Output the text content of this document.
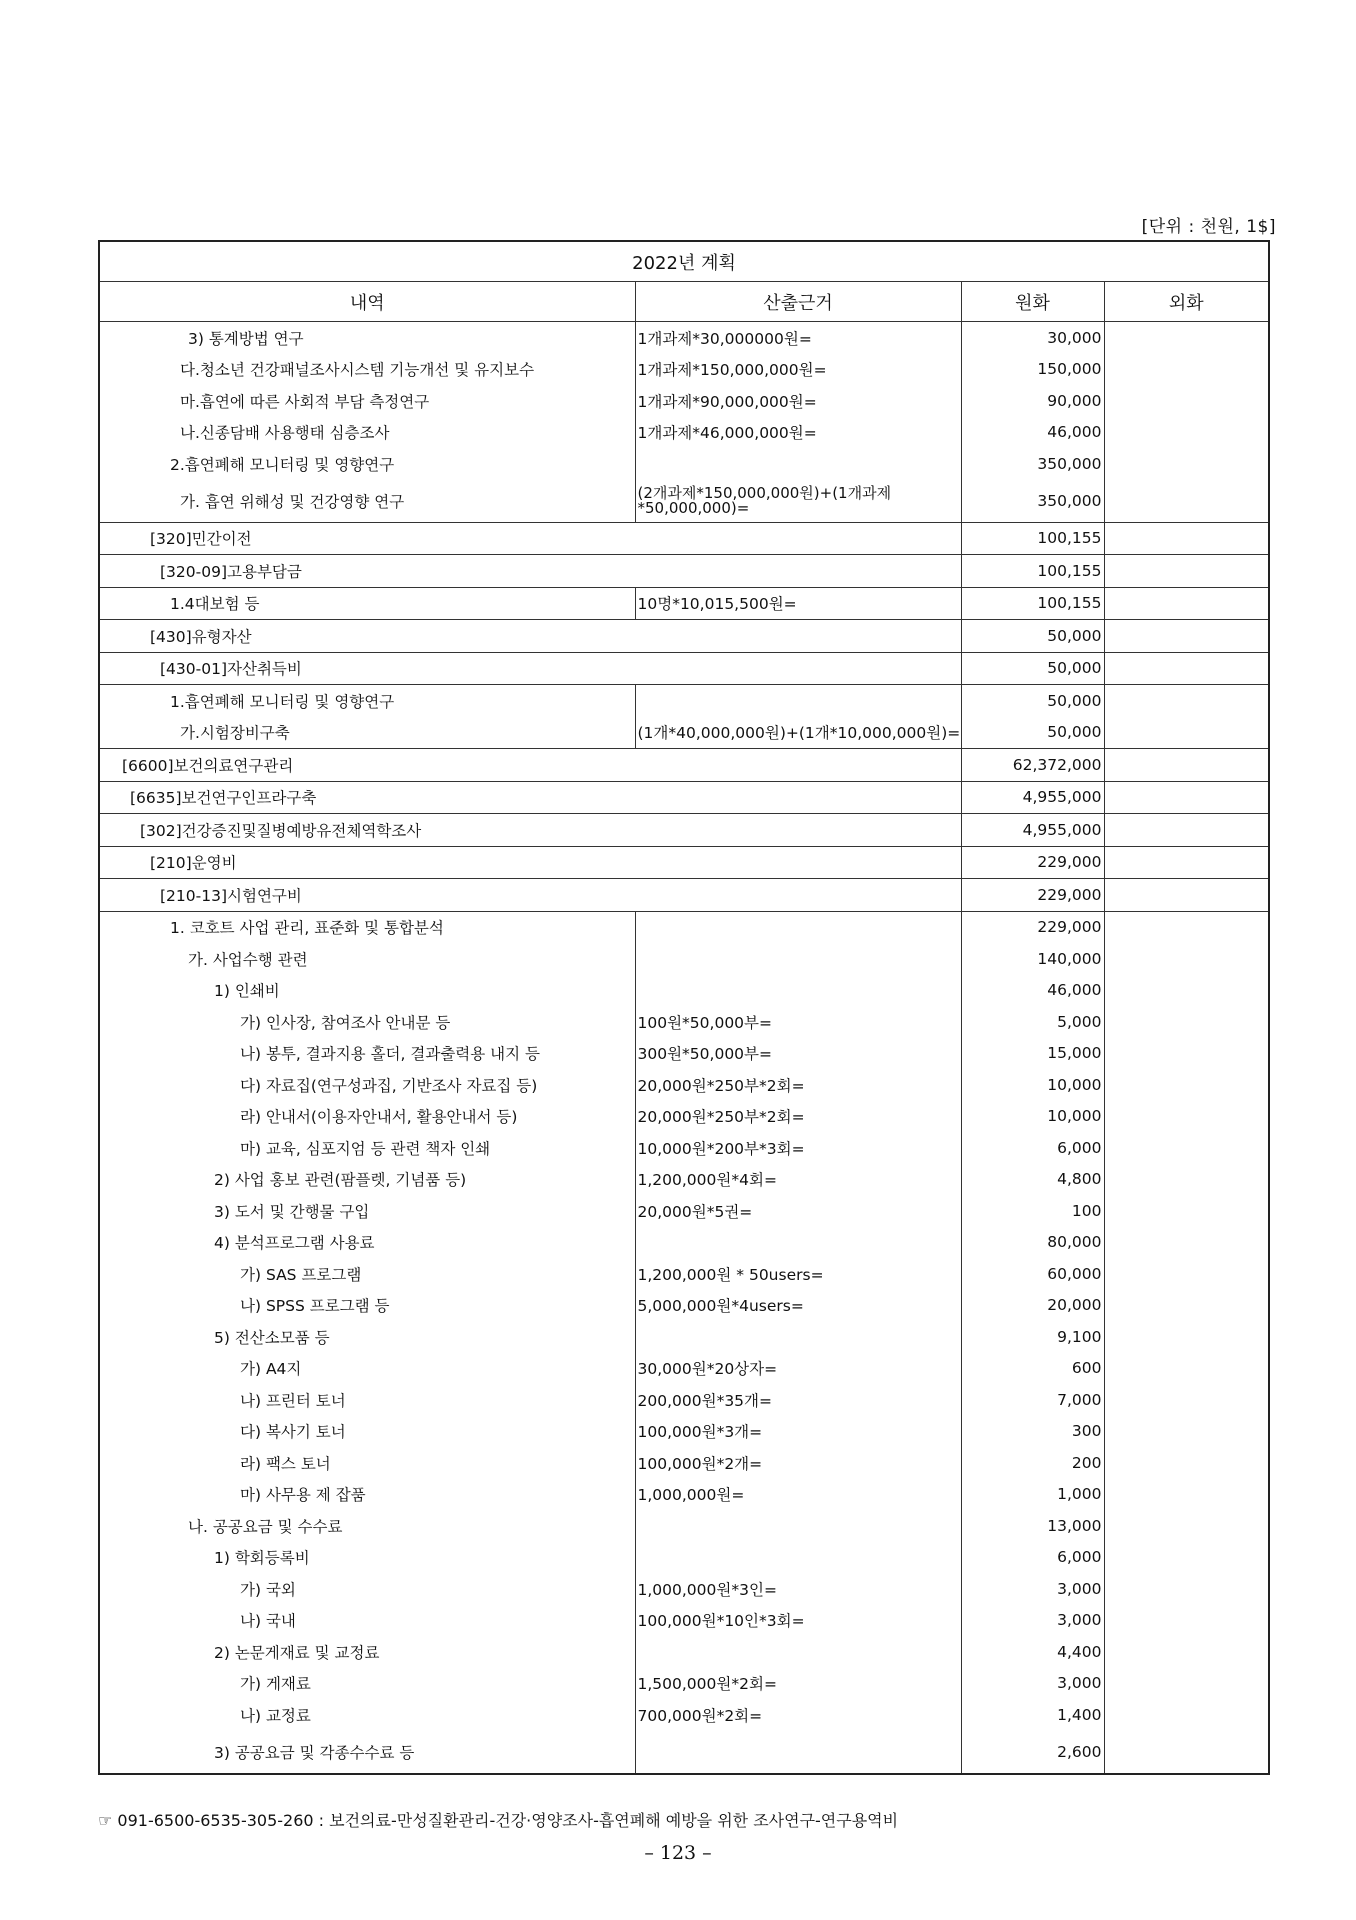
[단위 : 천원, 1$]
2022년 계획			
내역	산출근거	원화	외화
3) 통계방법 연구	1개과제*30,000000원=	30,000	
다.청소년 건강패널조사시스템 기능개선 및 유지보수	1개과제*150,000,000원=	150,000	
마.흡연에 따른 사회적 부담 측정연구	1개과제*90,000,000원=	90,000	
나.신종담배 사용행태 심층조사	1개과제*46,000,000원=	46,000	
2.흡연폐해 모니터링 및 영향연구		350,000	
가. 흡연 위해성 및 건강영향 연구	(2개과제*150,000,000원)+(1개과제*50,000,000)=	350,000	
[320]민간이전		100,155	
[320-09]고용부담금		100,155	
1.4대보험 등	10명*10,015,500원=	100,155	
[430]유형자산		50,000	
[430-01]자산취득비		50,000	
1.흡연폐해 모니터링 및 영향연구		50,000	
가.시험장비구축	(1개*40,000,000원)+(1개*10,000,000원)=	50,000	
[6600]보건의료연구관리		62,372,000	
[6635]보건연구인프라구축		4,955,000	
[302]건강증진및질병예방유전체역학조사		4,955,000	
[210]운영비		229,000	
[210-13]시험연구비		229,000	
1. 코호트 사업 관리, 표준화 및 통합분석		229,000	
가. 사업수행 관련		140,000	
1) 인쇄비		46,000	
가) 인사장, 참여조사 안내문 등	100원*50,000부=	5,000	
나) 봉투, 결과지용 홀더, 결과출력용 내지 등	300원*50,000부=	15,000	
다) 자료집(연구성과집, 기반조사 자료집 등)	20,000원*250부*2회=	10,000	
라) 안내서(이용자안내서, 활용안내서 등)	20,000원*250부*2회=	10,000	
마) 교육, 심포지엄 등 관련 책자 인쇄	10,000원*200부*3회=	6,000	
2) 사업 홍보 관련(팜플렛, 기념품 등)	1,200,000원*4회=	4,800	
3) 도서 및 간행물 구입	20,000원*5권=	100	
4) 분석프로그램 사용료		80,000	
가) SAS 프로그램	1,200,000원 * 50users=	60,000	
나) SPSS 프로그램 등	5,000,000원*4users=	20,000	
5) 전산소모품 등		9,100	
가) A4지	30,000원*20상자=	600	
나) 프린터 토너	200,000원*35개=	7,000	
다) 복사기 토너	100,000원*3개=	300	
라) 팩스 토너	100,000원*2개=	200	
마) 사무용 제 잡품	1,000,000원=	1,000	
나. 공공요금 및 수수료		13,000	
1) 학회등록비		6,000	
가) 국외	1,000,000원*3인=	3,000	
나) 국내	100,000원*10인*3회=	3,000	
2) 논문게재료 및 교정료		4,400	
가) 게재료	1,500,000원*2회=	3,000	
나) 교정료	700,000원*2회=	1,400	
3) 공공요금 및 각종수수료 등		2,600	
☞ 091-6500-6535-305-260 : 보건의료-만성질환관리-건강·영양조사-흡연폐해 예방을 위한 조사연구-연구용역비
– 123 –
